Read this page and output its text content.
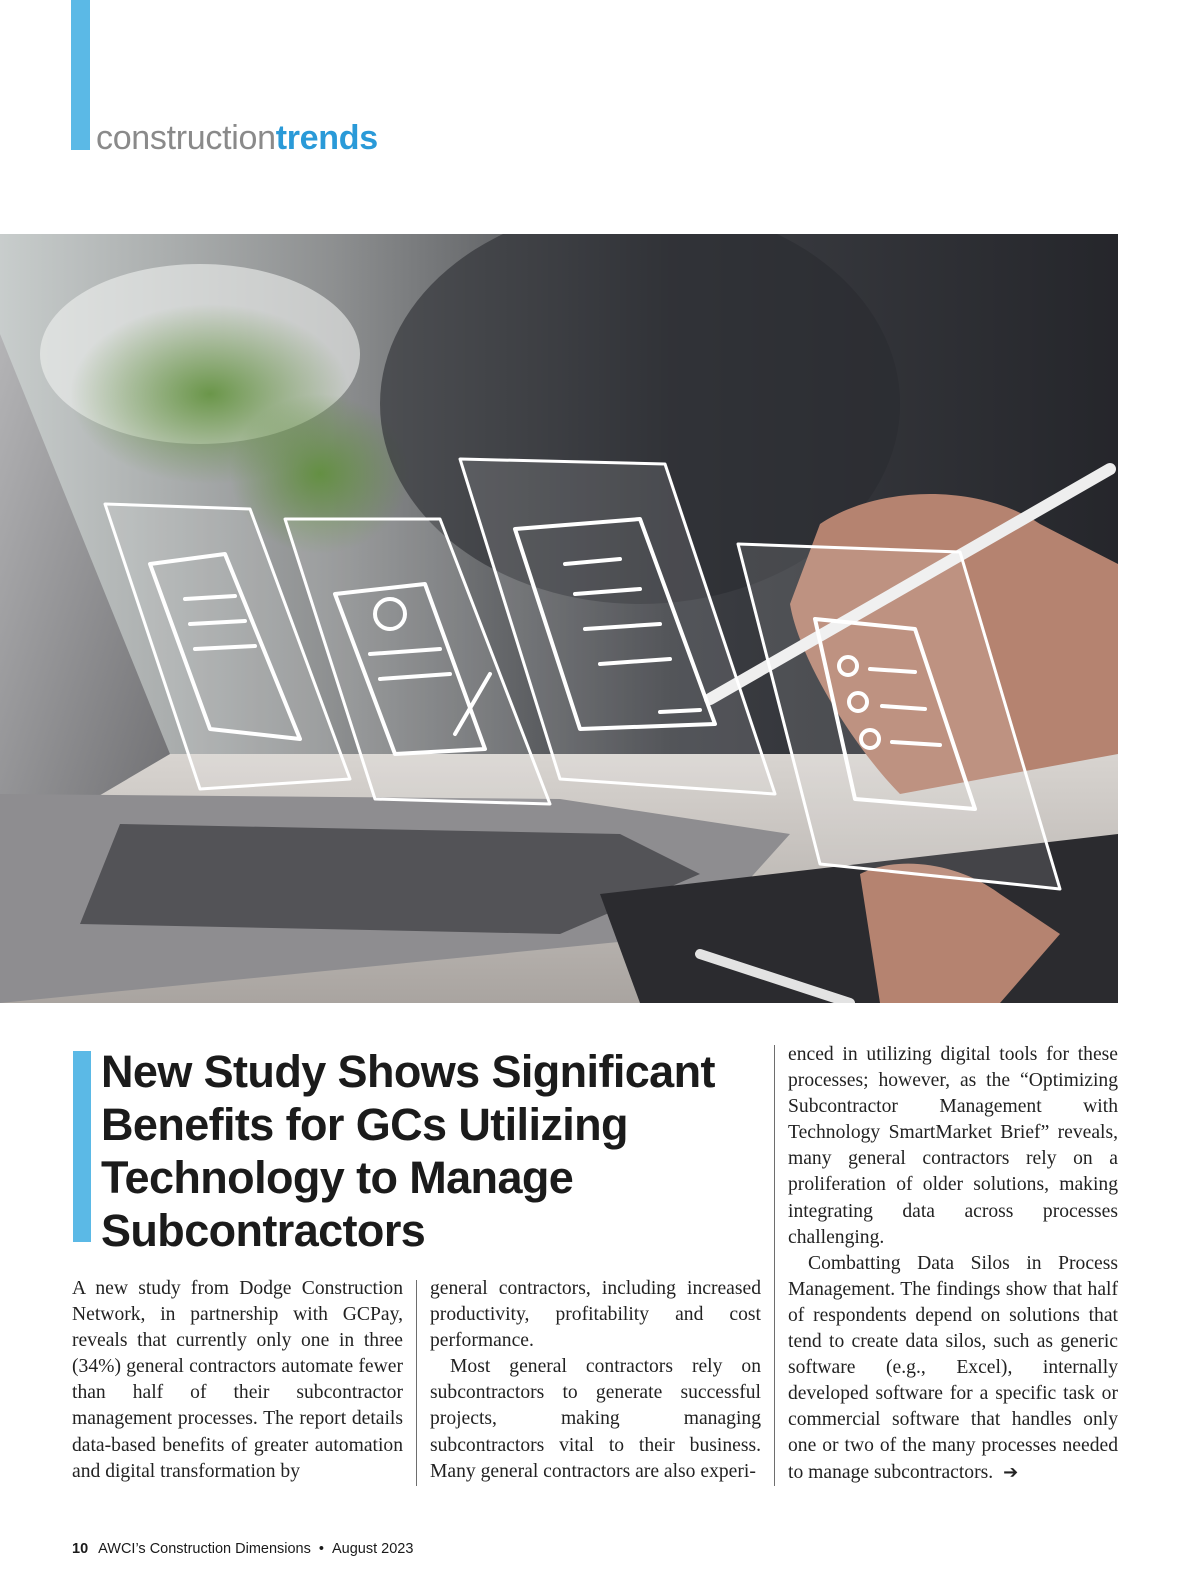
constructiontrends
New Study Shows Significant Benefits for GCs Utilizing Technology to Manage Subcontractors

A new study from Dodge Construction Network, in partnership with GCPay, reveals that currently only one in three (34%) general contractors automate fewer than half of their subcontractor management processes. The report details data-based benefits of greater automation and digital transformation by

general contractors, including increased productivity, profitability and cost performance.

Most general contractors rely on subcontractors to generate successful projects, making managing subcontractors vital to their business. Many general contractors are also experi-

enced in utilizing digital tools for these processes; however, as the “Optimizing Subcontractor Management with Technology SmartMarket Brief” reveals, many general contractors rely on a proliferation of older solutions, making integrating data across processes challenging.

Combatting Data Silos in Process Management. The findings show that half of respondents depend on solutions that tend to create data silos, such as generic software (e.g., Excel), internally developed software for a specific task or commercial software that handles only one or two of the many processes needed to manage subcontractors. ➔

10 AWCI’s Construction Dimensions • August 2023
